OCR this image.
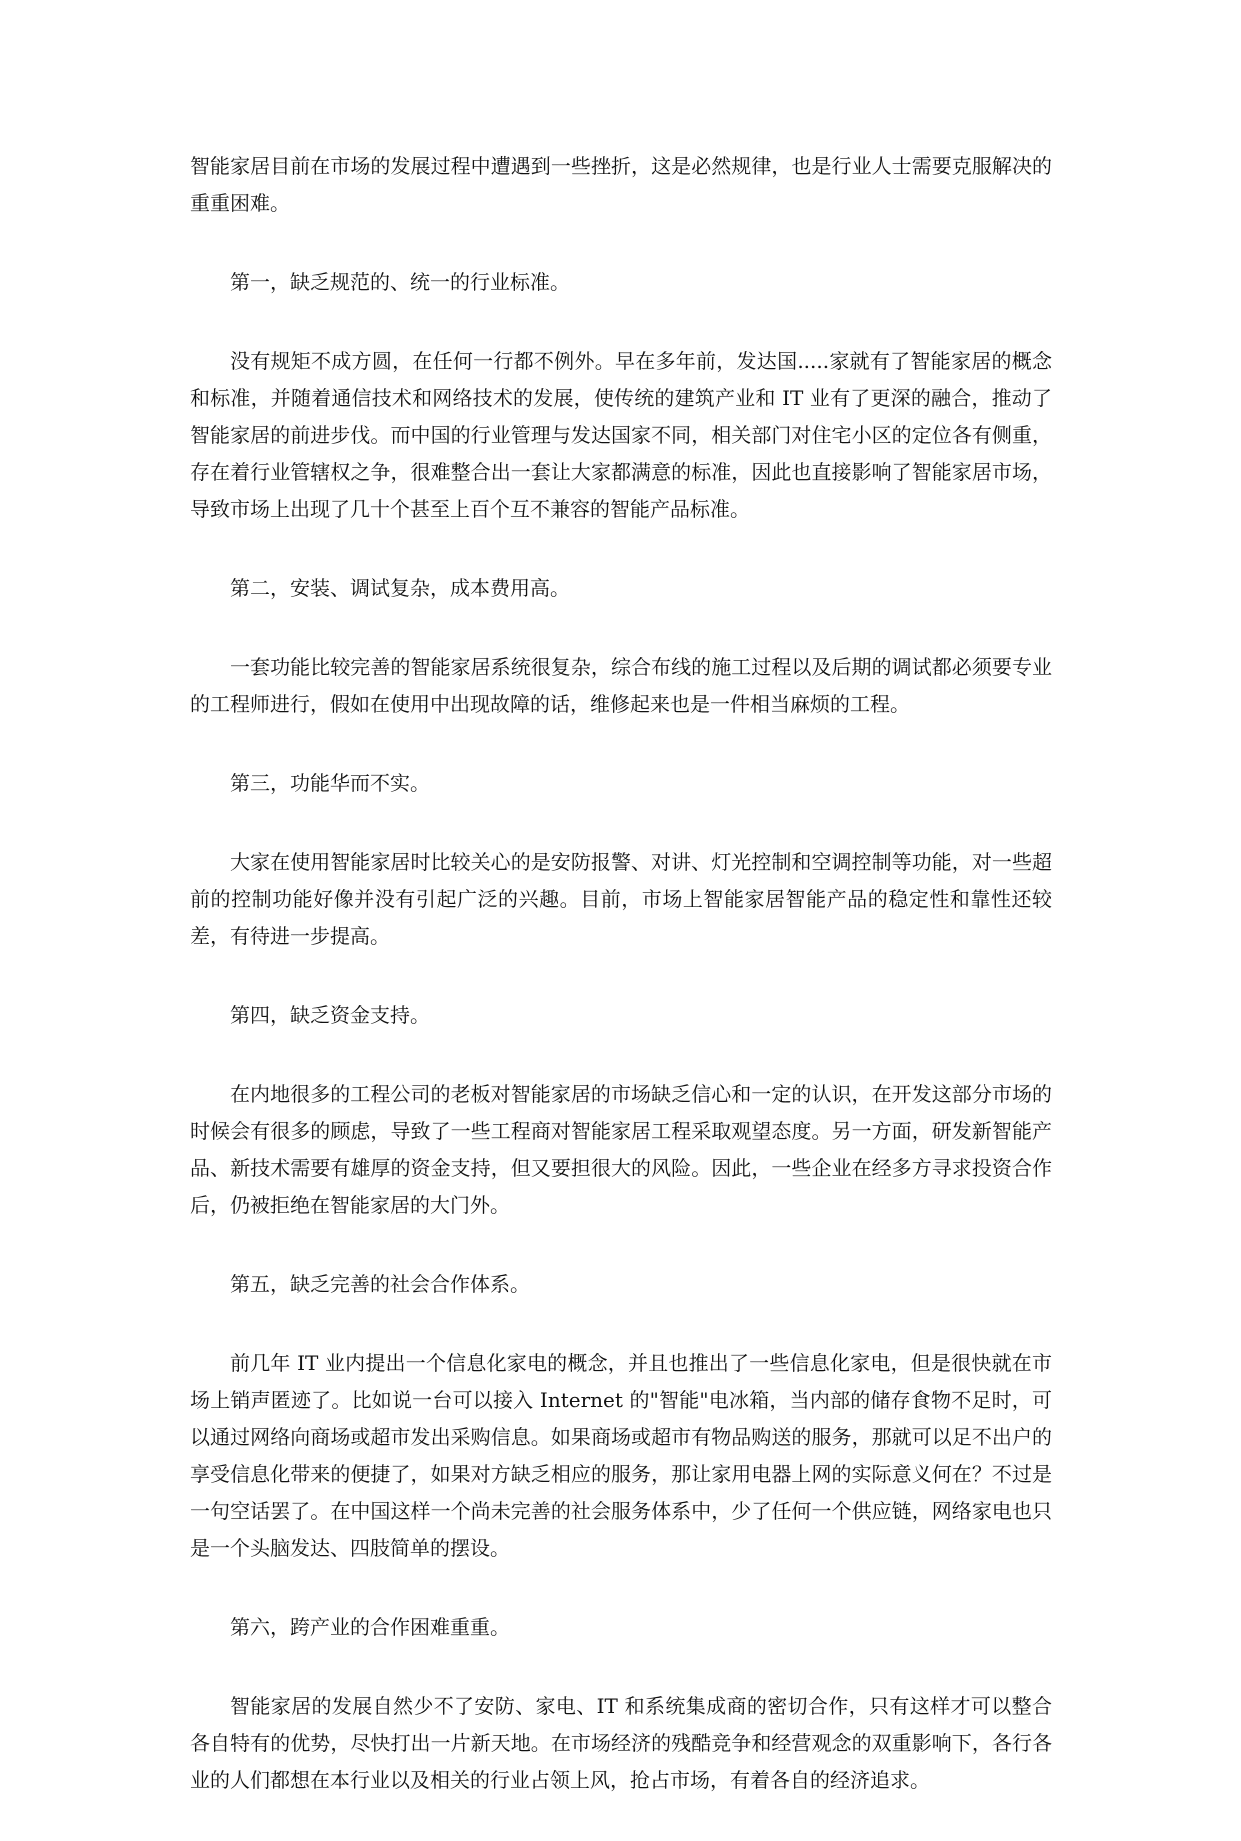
智能家居目前在市场的发展过程中遭遇到一些挫折，这是必然规律，也是行业人士需要克服解决的重重困难。

第一，缺乏规范的、统一的行业标准。

没有规矩不成方圆，在任何一行都不例外。早在多年前，发达国.....家就有了智能家居的概念和标准，并随着通信技术和网络技术的发展，使传统的建筑产业和 IT 业有了更深的融合，推动了智能家居的前进步伐。而中国的行业管理与发达国家不同，相关部门对住宅小区的定位各有侧重，存在着行业管辖权之争，很难整合出一套让大家都满意的标准，因此也直接影响了智能家居市场，导致市场上出现了几十个甚至上百个互不兼容的智能产品标准。

第二，安装、调试复杂，成本费用高。

一套功能比较完善的智能家居系统很复杂，综合布线的施工过程以及后期的调试都必须要专业的工程师进行，假如在使用中出现故障的话，维修起来也是一件相当麻烦的工程。

第三，功能华而不实。

大家在使用智能家居时比较关心的是安防报警、对讲、灯光控制和空调控制等功能，对一些超前的控制功能好像并没有引起广泛的兴趣。目前，市场上智能家居智能产品的稳定性和靠性还较差，有待进一步提高。

第四，缺乏资金支持。

在内地很多的工程公司的老板对智能家居的市场缺乏信心和一定的认识，在开发这部分市场的时候会有很多的顾虑，导致了一些工程商对智能家居工程采取观望态度。另一方面，研发新智能产品、新技术需要有雄厚的资金支持，但又要担很大的风险。因此，一些企业在经多方寻求投资合作后，仍被拒绝在智能家居的大门外。

第五，缺乏完善的社会合作体系。

前几年 IT 业内提出一个信息化家电的概念，并且也推出了一些信息化家电，但是很快就在市场上销声匿迹了。比如说一台可以接入 Internet 的"智能"电冰箱，当内部的储存食物不足时，可以通过网络向商场或超市发出采购信息。如果商场或超市有物品购送的服务，那就可以足不出户的享受信息化带来的便捷了，如果对方缺乏相应的服务，那让家用电器上网的实际意义何在？不过是一句空话罢了。在中国这样一个尚未完善的社会服务体系中，少了任何一个供应链，网络家电也只是一个头脑发达、四肢简单的摆设。

第六，跨产业的合作困难重重。

智能家居的发展自然少不了安防、家电、IT 和系统集成商的密切合作，只有这样才可以整合各自特有的优势，尽快打出一片新天地。在市场经济的残酷竞争和经营观念的双重影响下，各行各业的人们都想在本行业以及相关的行业占领上风，抢占市场，有着各自的经济追求。
